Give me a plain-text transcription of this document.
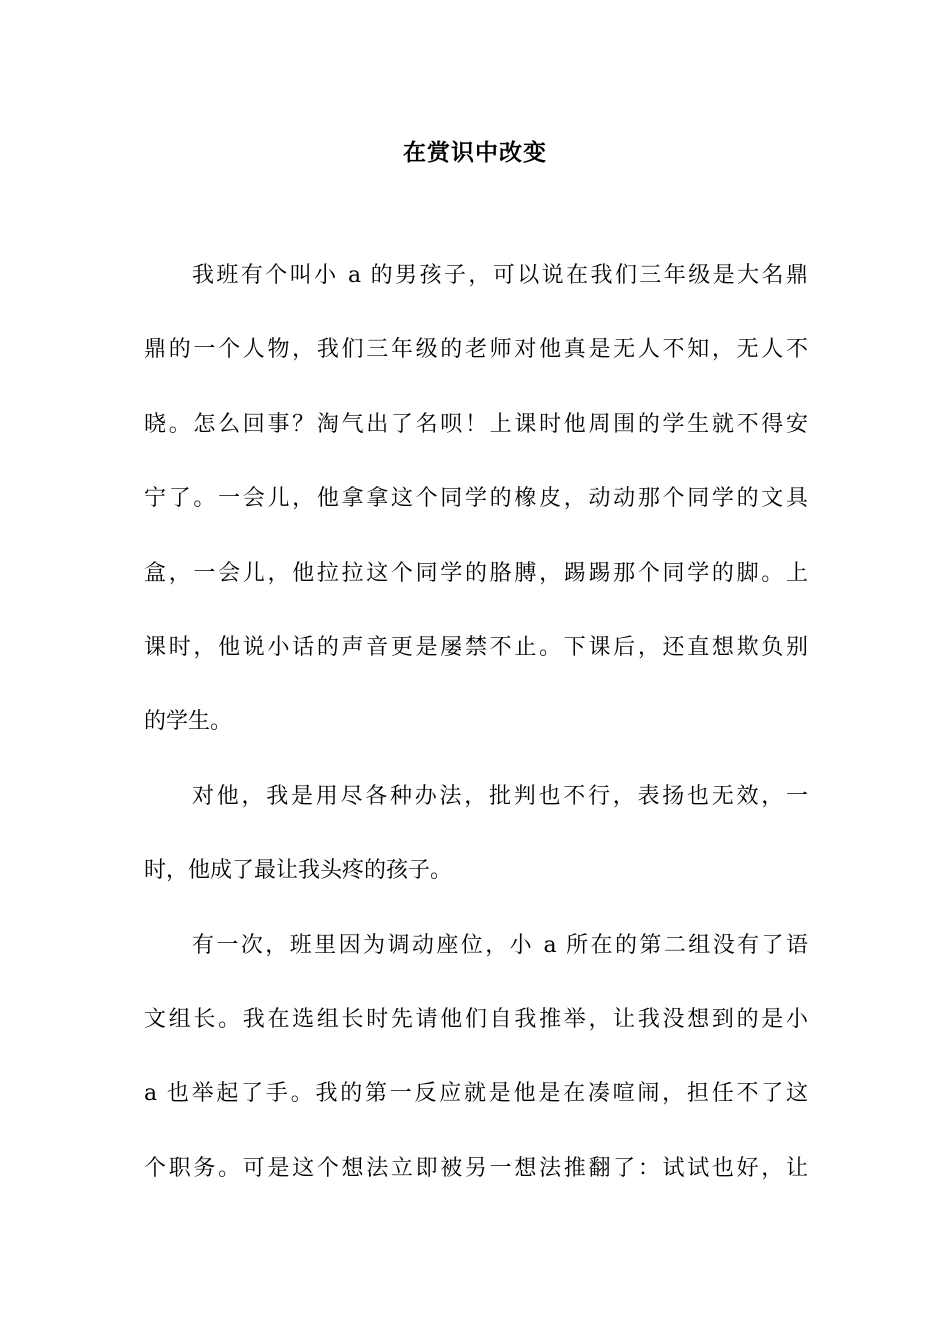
在赏识中改变
我班有个叫小 a 的男孩子，可以说在我们三年级是大名鼎
鼎的一个人物，我们三年级的老师对他真是无人不知，无人不
晓。怎么回事？淘气出了名呗！上课时他周围的学生就不得安
宁了。一会儿，他拿拿这个同学的橡皮，动动那个同学的文具
盒，一会儿，他拉拉这个同学的胳膊，踢踢那个同学的脚。上
课时，他说小话的声音更是屡禁不止。下课后，还直想欺负别
的学生。
对他，我是用尽各种办法，批判也不行，表扬也无效，一
时，他成了最让我头疼的孩子。
有一次，班里因为调动座位，小 a 所在的第二组没有了语
文组长。我在选组长时先请他们自我推举，让我没想到的是小
a 也举起了手。我的第一反应就是他是在凑喧闹，担任不了这
个职务。可是这个想法立即被另一想法推翻了：试试也好，让
